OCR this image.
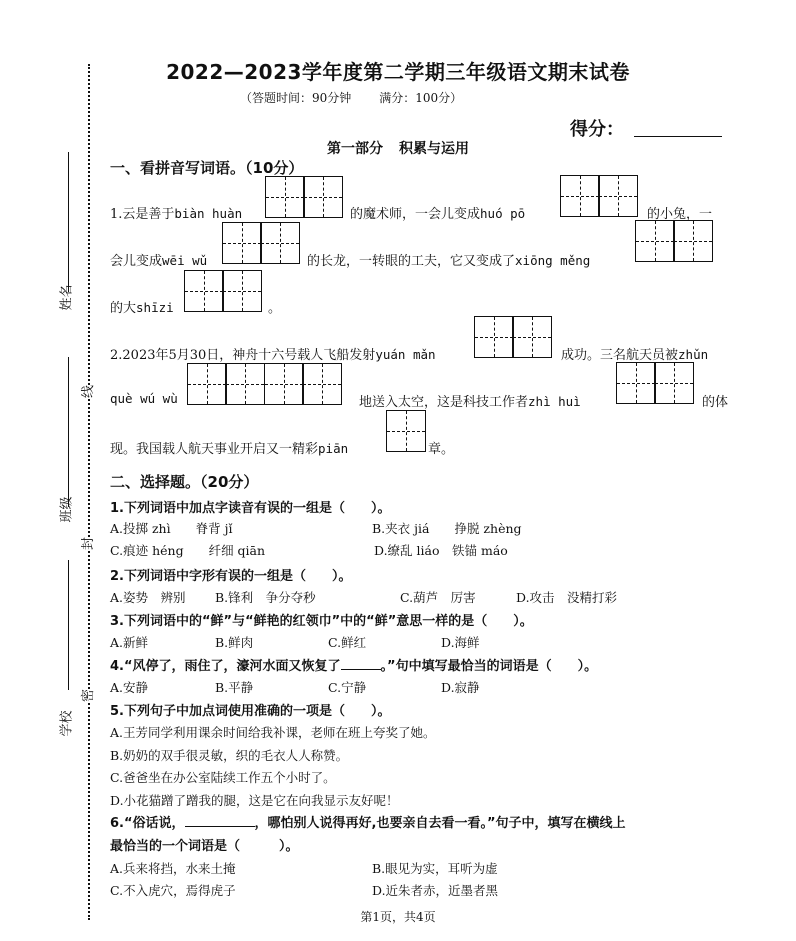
姓名
班级
学校
线
封
密
2022—2023学年度第二学期三年级语文期末试卷
（答题时间：90分钟 满分：100分）
得分：
第一部分 积累与运用
一、看拼音写词语。（10分）
1.云是善于biàn huàn	的魔术师，一会儿变成huó pō	的小兔，一
会儿变成wēi wǔ	的长龙，一转眼的工夫，它又变成了xiōng měng
的大shīzi	。
2.2023年5月30日，神舟十六号载人飞船发射yuán mǎn	成功。三名航天员被zhǔn
què wú wù	地送入太空，这是科技工作者zhì huì	的体
现。我国载人航天事业开启又一精彩piān	章。
二、选择题。（20分）
1.下列词语中加点字读音有误的一组是（　　）。
A.投掷 zhì　　脊背 jǐ	B.夹衣 jiá　　挣脱 zhèng
C.痕迹 héng　　纤细 qiān	D.缭乱 liáo　铁锚 máo
2.下列词语中字形有误的一组是（　　）。
A.姿势　辨别 B.锋利　争分夺秒	C.葫芦　厉害	D.攻击　没精打彩
3.下列词语中的“鲜”与“鲜艳的红领巾”中的“鲜”意思一样的是（　　）。
A.新鲜	B.鲜肉	C.鲜红	D.海鲜
4.“风停了，雨住了，濠河水面又恢复了	。”句中填写最恰当的词语是（　　）。
A.安静	B.平静	C.宁静	D.寂静
5.下列句子中加点词使用准确的一项是（　　）。
A.王芳同学利用课余时间给我补课，老师在班上夸奖了她。
B.奶奶的双手很灵敏，织的毛衣人人称赞。
C.爸爸坐在办公室陆续工作五个小时了。
D.小花猫蹭了蹭我的腿，这是它在向我显示友好呢！
6.“俗话说，	，哪怕别人说得再好,也要亲自去看一看。”句子中，填写在横线上
最恰当的一个词语是（　　　）。
A.兵来将挡，水来土掩	B.眼见为实，耳听为虚
C.不入虎穴，焉得虎子	D.近朱者赤，近墨者黑
第1页，共4页
